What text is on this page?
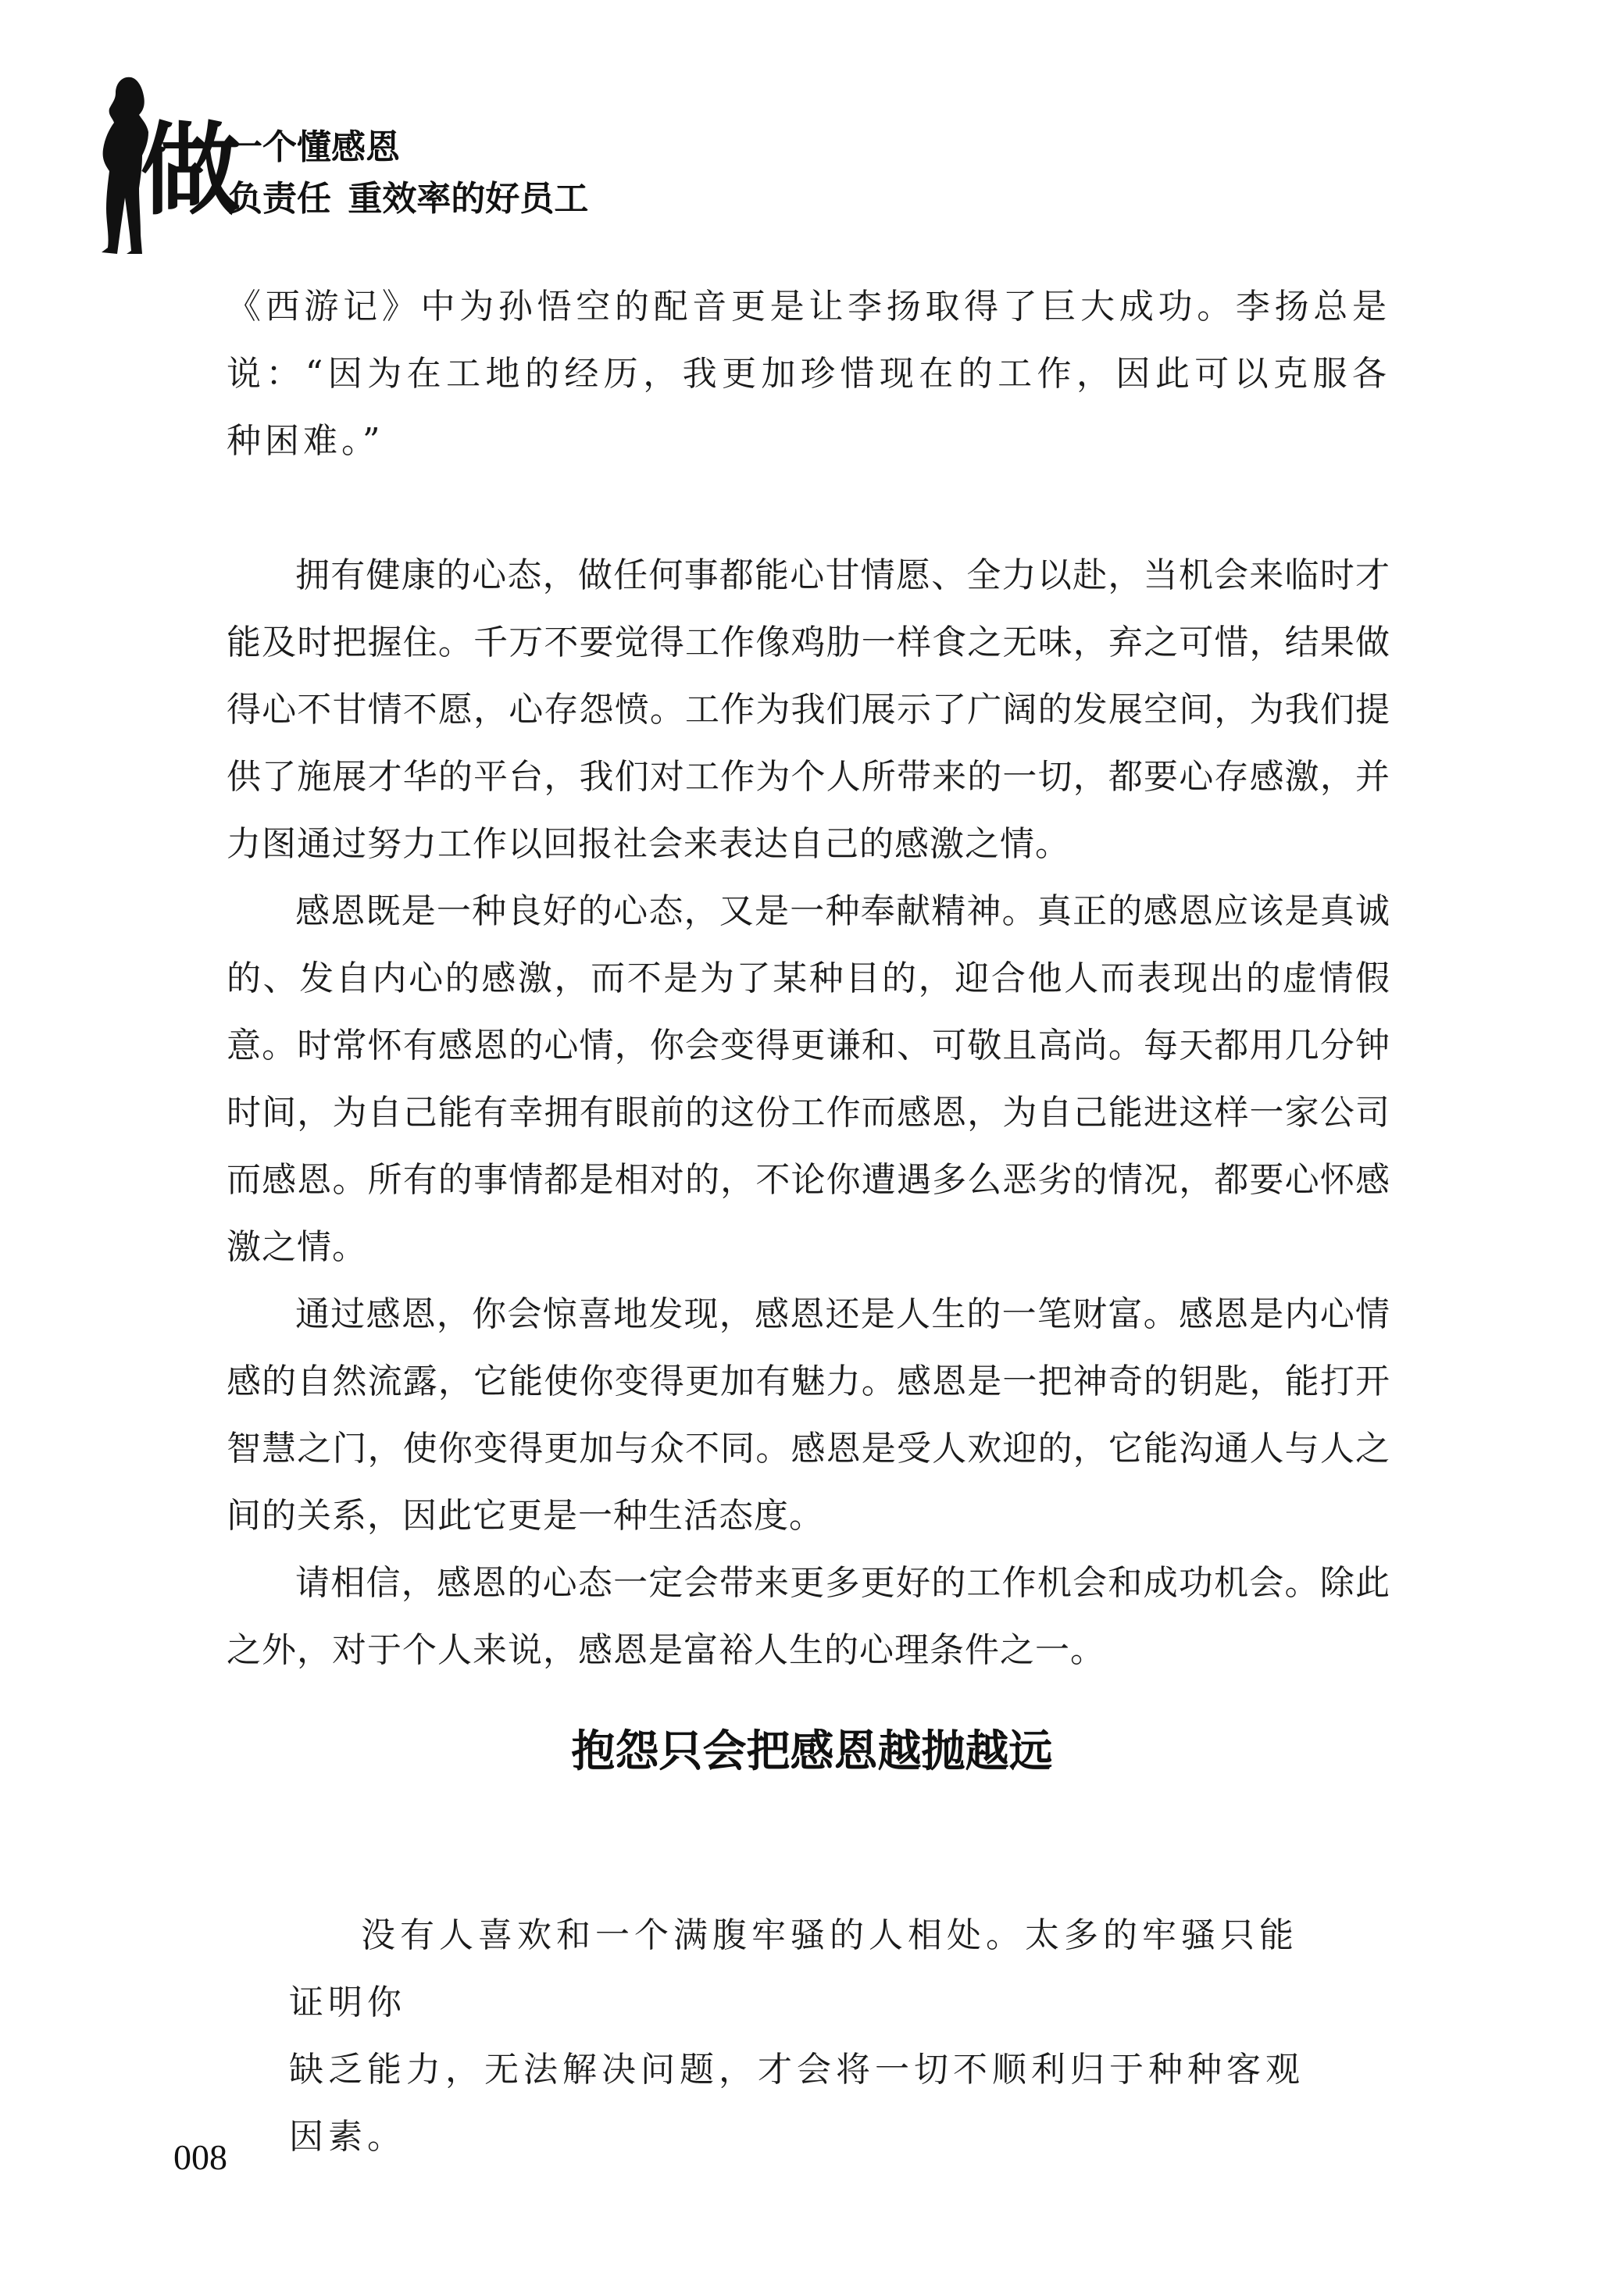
做
一个懂感恩
负责任 重效率的好员工

《西游记》中为孙悟空的配音更是让李扬取得了巨大成功。李扬总是说：“因为在工地的经历，我更加珍惜现在的工作，因此可以克服各种困难。”

拥有健康的心态，做任何事都能心甘情愿、全力以赴，当机会来临时才能及时把握住。千万不要觉得工作像鸡肋一样食之无味，弃之可惜，结果做得心不甘情不愿，心存怨愤。工作为我们展示了广阔的发展空间，为我们提供了施展才华的平台，我们对工作为个人所带来的一切，都要心存感激，并力图通过努力工作以回报社会来表达自己的感激之情。

感恩既是一种良好的心态，又是一种奉献精神。真正的感恩应该是真诚的、发自内心的感激，而不是为了某种目的，迎合他人而表现出的虚情假意。时常怀有感恩的心情，你会变得更谦和、可敬且高尚。每天都用几分钟时间，为自己能有幸拥有眼前的这份工作而感恩，为自己能进这样一家公司而感恩。所有的事情都是相对的，不论你遭遇多么恶劣的情况，都要心怀感激之情。

通过感恩，你会惊喜地发现，感恩还是人生的一笔财富。感恩是内心情感的自然流露，它能使你变得更加有魅力。感恩是一把神奇的钥匙，能打开智慧之门，使你变得更加与众不同。感恩是受人欢迎的，它能沟通人与人之间的关系，因此它更是一种生活态度。

请相信，感恩的心态一定会带来更多更好的工作机会和成功机会。除此之外，对于个人来说，感恩是富裕人生的心理条件之一。

抱怨只会把感恩越抛越远

没有人喜欢和一个满腹牢骚的人相处。太多的牢骚只能证明你

缺乏能力，无法解决问题，才会将一切不顺利归于种种客观因素。

008
